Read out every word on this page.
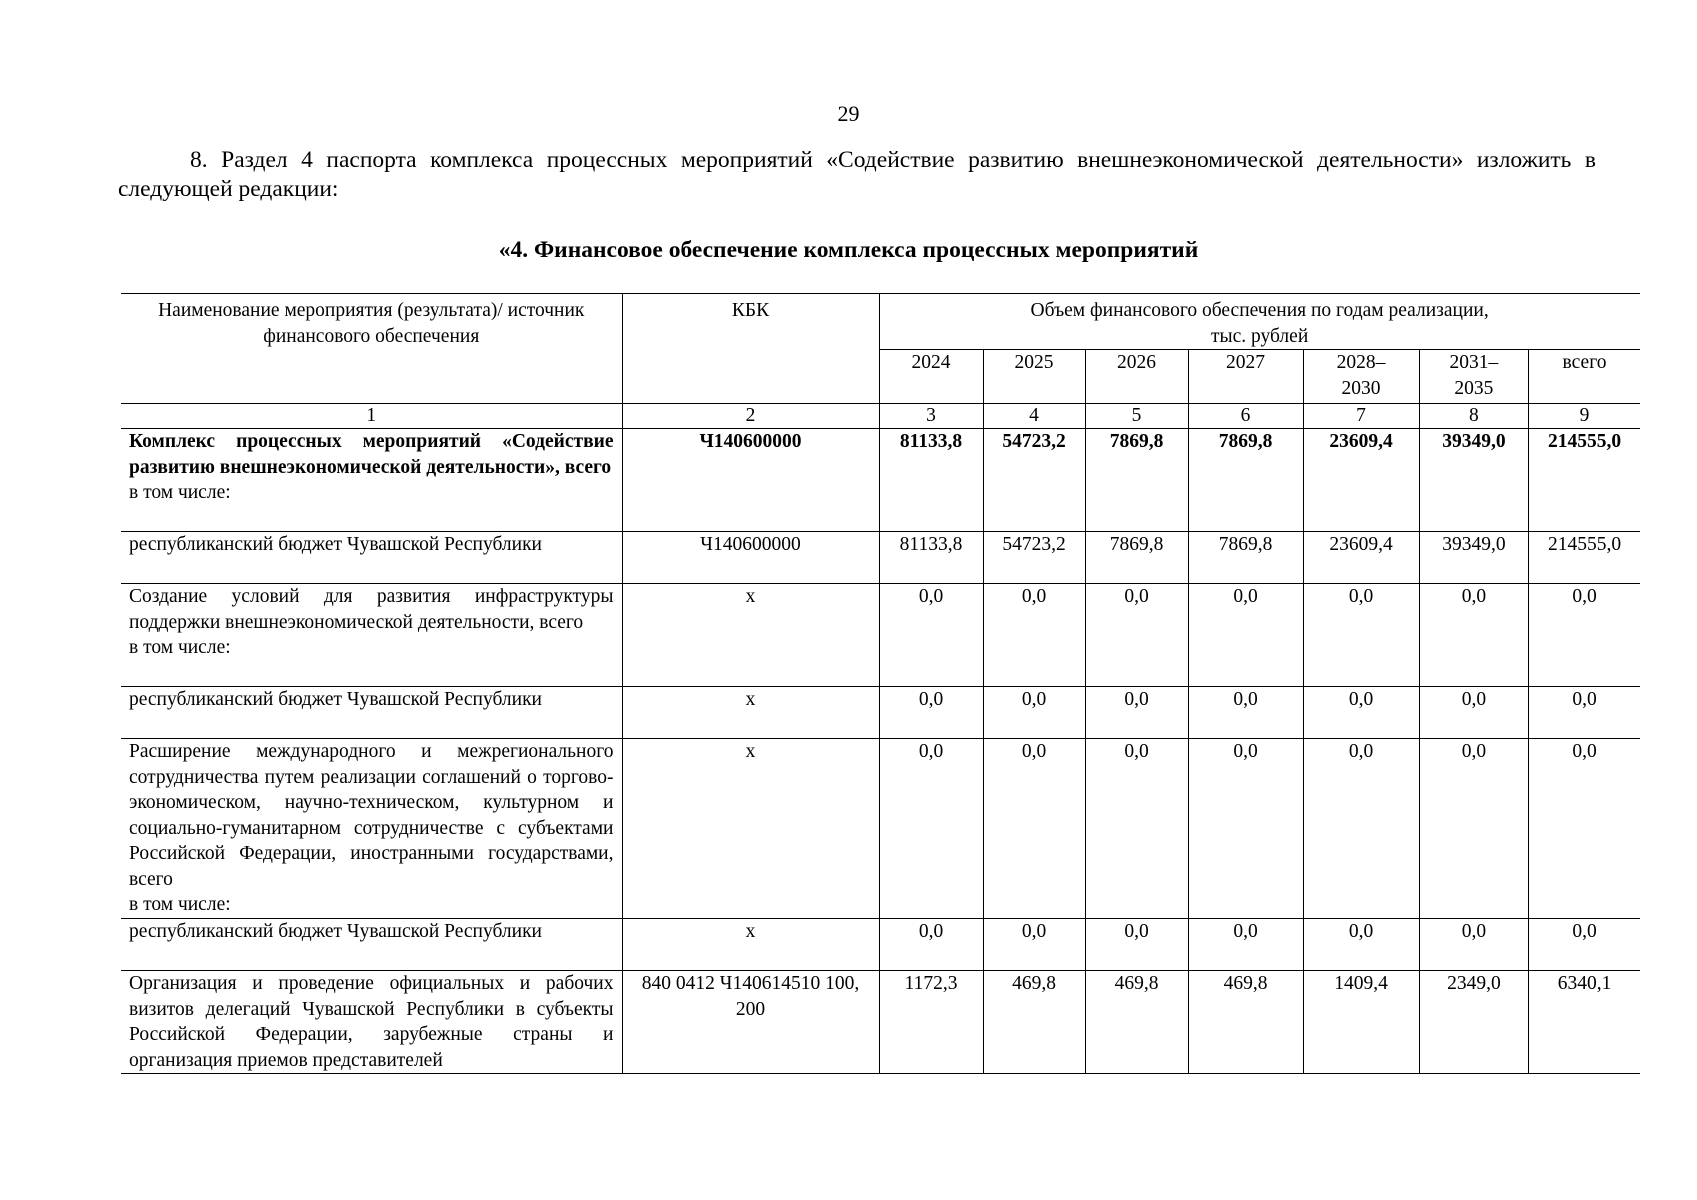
29

8. Раздел 4 паспорта комплекса процессных мероприятий «Содействие развитию внешнеэкономической деятельности» изложить в следующей редакции:

«4. Финансовое обеспечение комплекса процессных мероприятий
Наименование мероприятия (результата)/ источник финансового обеспечения	КБК	Объем финансового обеспечения по годам реализации, тыс. рублей						
		2024	2025	2026	2027	2028– 2030	2031– 2035	всего
1	2	3	4	5	6	7	8	9

Комплекс процессных мероприятий «Содействие развитию внешнеэкономической деятельности», всего
в том числе:	Ч140600000	81133,8	54723,2	7869,8	7869,8	23609,4	39349,0	214555,0
республиканский бюджет Чувашской Республики	Ч140600000	81133,8	54723,2	7869,8	7869,8	23609,4	39349,0	214555,0

Создание условий для развития инфраструктуры поддержки внешнеэкономической деятельности, всего
в том числе:	х	0,0	0,0	0,0	0,0	0,0	0,0	0,0
республиканский бюджет Чувашской Республики	х	0,0	0,0	0,0	0,0	0,0	0,0	0,0

Расширение международного и межрегионального сотрудничества путем реализации соглашений о торгово-экономическом, научно-техническом, культурном и социально-гуманитарном сотрудничестве с субъектами Российской Федерации, иностранными государствами, всего
в том числе:	х	0,0	0,0	0,0	0,0	0,0	0,0	0,0
республиканский бюджет Чувашской Республики	х	0,0	0,0	0,0	0,0	0,0	0,0	0,0
Организация и проведение официальных и рабочих визитов делегаций Чувашской Республики в субъекты Российской Федерации, зарубежные страны и организация приемов представителей	840 0412 Ч140614510 100, 200	1172,3	469,8	469,8	469,8	1409,4	2349,0	6340,1
